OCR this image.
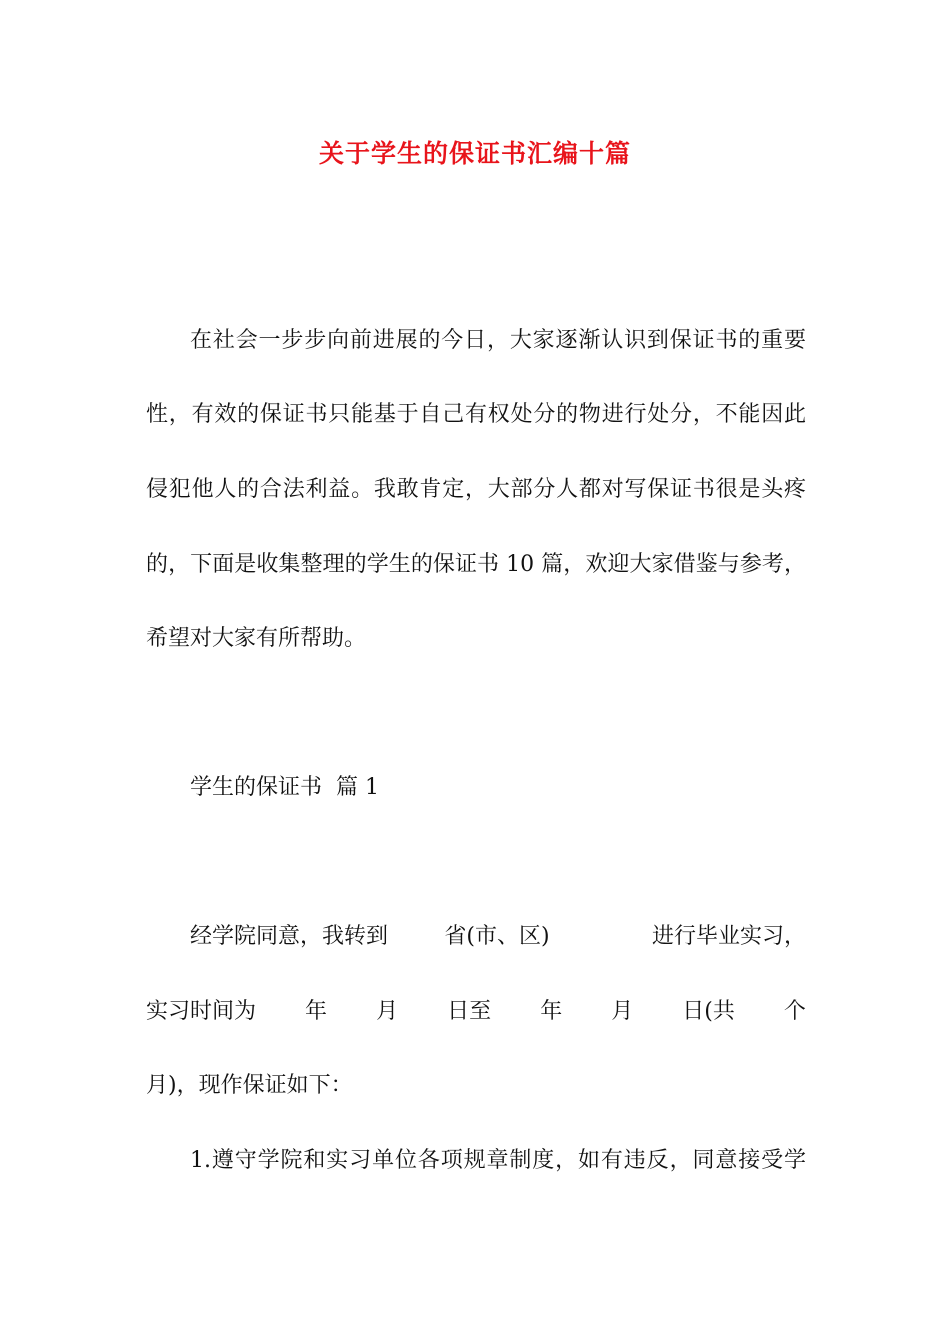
关于学生的保证书汇编十篇
在社会一步步向前进展的今日，大家逐渐认识到保证书的重要
性，有效的保证书只能基于自己有权处分的物进行处分，不能因此
侵犯他人的合法利益。我敢肯定，大部分人都对写保证书很是头疼
的，下面是收集整理的学生的保证书 10 篇，欢迎大家借鉴与参考，
希望对大家有所帮助。
学生的保证书  篇 1
经学院同意，我转到	省(市、区)	进行毕业实习，
实习时间为 年 月 日至 年 月 日(共 个
月)，现作保证如下：
1.遵守学院和实习单位各项规章制度，如有违反，同意接受学
